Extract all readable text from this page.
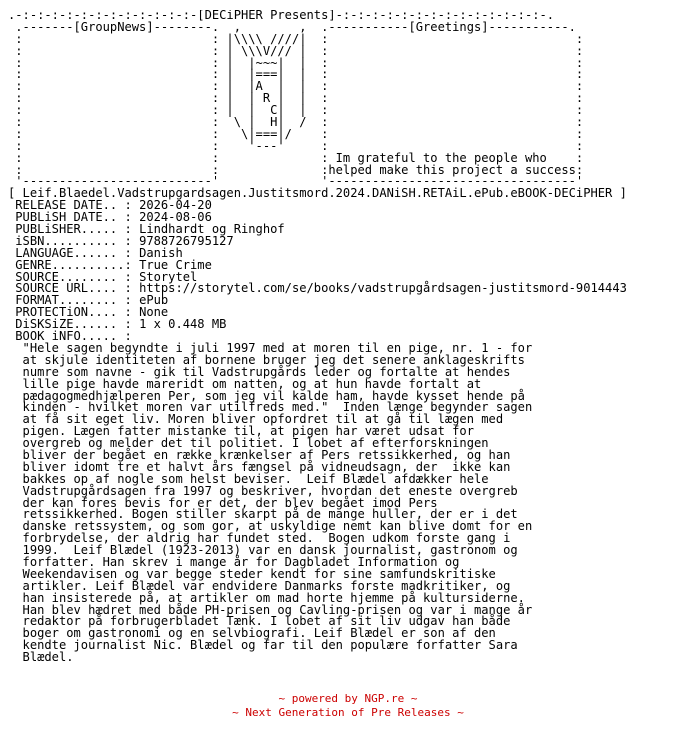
.-:-:-:-:-:-:-:-:-:-:-:-:-[DECiPHER Presents]-:-:-:-:-:-:-:-:-:-:-:-:-:-:-.
.-------[GroupNews]--------.  ,        ,  .-----------[Greetings]-----------.
:                          : |\\\\ ////|  :                                  :
:                          : | \\\V/// |  :                                  :
:                          : |  |~~~|  |  :                                  :
:                          : |  |===|  |  :                                  :
:                          : |  |A  |  |  :                                  :
:                          : |  | R |  |  :                                  :
:                          : |  |  C|  |  :                                  :
:                          :  \ |  H|  /  :                                  :
:                          :   \|===|/    :                                  :
:                          :    '---'     :                                  :
:                          :              : Im grateful to the people who    :
:                          :              :helped make this project a success:
'--------------------------'              '----------------------------------'
[ Leif.Blaedel.Vadstrupgardsagen.Justitsmord.2024.DANiSH.RETAiL.ePub.eBOOK-DECiPHER ]
RELEASE DATE.. : 2026-04-20
PUBLiSH DATE.. : 2024-08-06
PUBLiSHER..... : Lindhardt og Ringhof
iSBN.......... : 9788726795127
LANGUAGE...... : Danish
GENRE..........: True Crime
SOURCE........ : Storytel
SOURCE URL.... : https://storytel.com/se/books/vadstrupgårdsagen-justitsmord-9014443
FORMAT........ : ePub
PROTECTiON.... : None
DiSKSiZE...... : 1 x 0.448 MB
BOOK iNFO..... :
"Hele sagen begyndte i juli 1997 med at moren til en pige, nr. 1 - for
at skjule identiteten af bornene bruger jeg det senere anklageskrifts
numre som navne - gik til Vadstrupgårds leder og fortalte at hendes
lille pige havde mareridt om natten, og at hun havde fortalt at
pædagogmedhjælperen Per, som jeg vil kalde ham, havde kysset hende på
kinden - hvilket moren var utilfreds med."  Inden længe begynder sagen
at få sit eget liv. Moren bliver opfordret til at gå til lægen med
pigen. Lægen fatter mistanke til, at pigen har været udsat for
overgreb og melder det til politiet. I lobet af efterforskningen
bliver der begået en række krænkelser af Pers retssikkerhed, og han
bliver idomt tre et halvt års fængsel på vidneudsagn, der  ikke kan
bakkes op af nogle som helst beviser.  Leif Blædel afdækker hele
Vadstrupgårdsagen fra 1997 og beskriver, hvordan det eneste overgreb
der kan fores bevis for er det, der blev begået imod Pers
retssikkerhed. Bogen stiller skarpt på de mange huller, der er i det
danske retssystem, og som gor, at uskyldige nemt kan blive domt for en
forbrydelse, der aldrig har fundet sted.  Bogen udkom forste gang i
1999.  Leif Blædel (1923-2013) var en dansk journalist, gastronom og
forfatter. Han skrev i mange år for Dagbladet Information og
Weekendavisen og var begge steder kendt for sine samfundskritiske
artikler. Leif Blædel var endvidere Danmarks forste madkritiker, og
han insisterede på, at artikler om mad horte hjemme på kultursiderne.
Han blev hædret med både PH-prisen og Cavling-prisen og var i mange år
redaktor på forbrugerbladet Tænk. I lobet af sit liv udgav han både
boger om gastronomi og en selvbiografi. Leif Blædel er son af den
kendte journalist Nic. Blædel og far til den populære forfatter Sara
Blædel.

~ powered by NGP.re ~
~ Next Generation of Pre Releases ~
